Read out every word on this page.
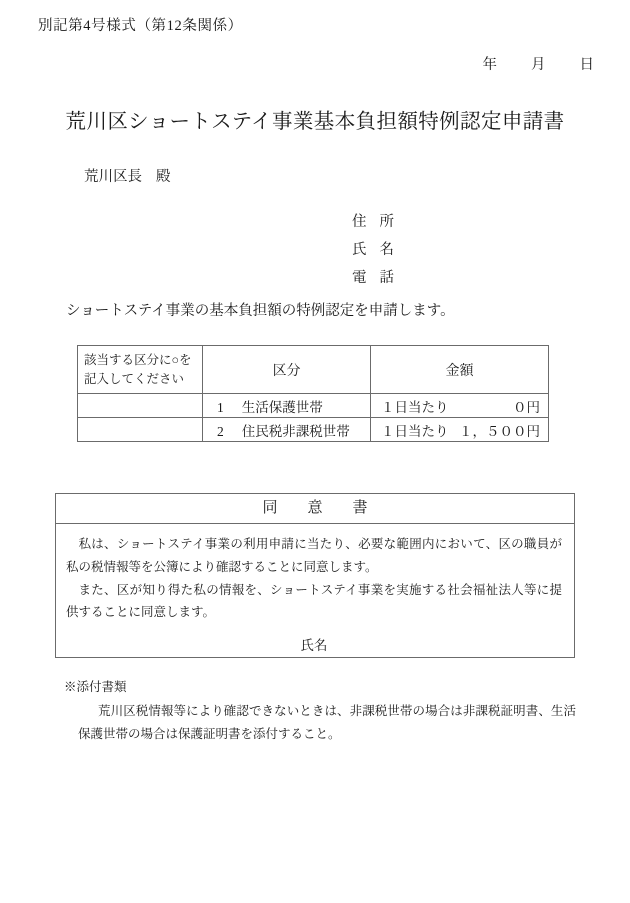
別記第4号様式（第12条関係）
年 月 日
荒川区ショートステイ事業基本負担額特例認定申請書
荒川区長 殿
住 所
氏 名
電 話
ショートステイ事業の基本負担額の特例認定を申請します。
該当する区分に○を
記入してください	区分	金額
	1 生活保護世帯	１日当たり ０円

	2 住民税非課税世帯	１日当たり １，５００円
同 意 書

私は、ショートステイ事業の利用申請に当たり、必要な範囲内において、区の職員が私の税情報等を公簿により確認することに同意します。

また、区が知り得た私の情報を、ショートステイ事業を実施する社会福祉法人等に提供することに同意します。

氏名
※添付書類
荒川区税情報等により確認できないときは、非課税世帯の場合は非課税証明書、生活保護世帯の場合は保護証明書を添付すること。
